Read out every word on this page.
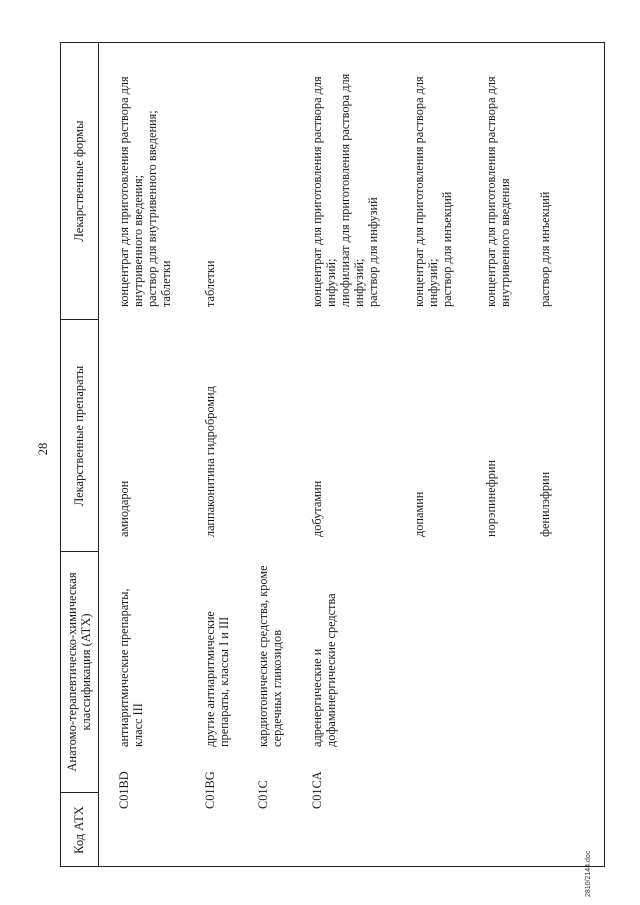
28
Код АТХ
Анатомо-терапевтическо-химическая классификация (АТХ)
Лекарственные препараты
Лекарственные формы
C01BD
антиаритмические препараты, класс III
амиодарон
концентрат для приготовления раствора для внутривенного введения; раствор для внутривенного введения; таблетки
C01BG
другие антиаритмические препараты, классы I и III
лаппаконитина гидробромид
таблетки
C01C
кардиотонические средства, кроме сердечных гликозидов
C01CA
адренергические и дофаминергические средства
добутамин
концентрат для приготовления раствора для инфузий; лиофилизат для приготовления раствора для инфузий; раствор для инфузий
допамин
концентрат для приготовления раствора для инфузий; раствор для инъекций
норэпинефрин
концентрат для приготовления раствора для внутривенного введения
фенилэфрин
раствор для инъекций
2810/2144.doc
